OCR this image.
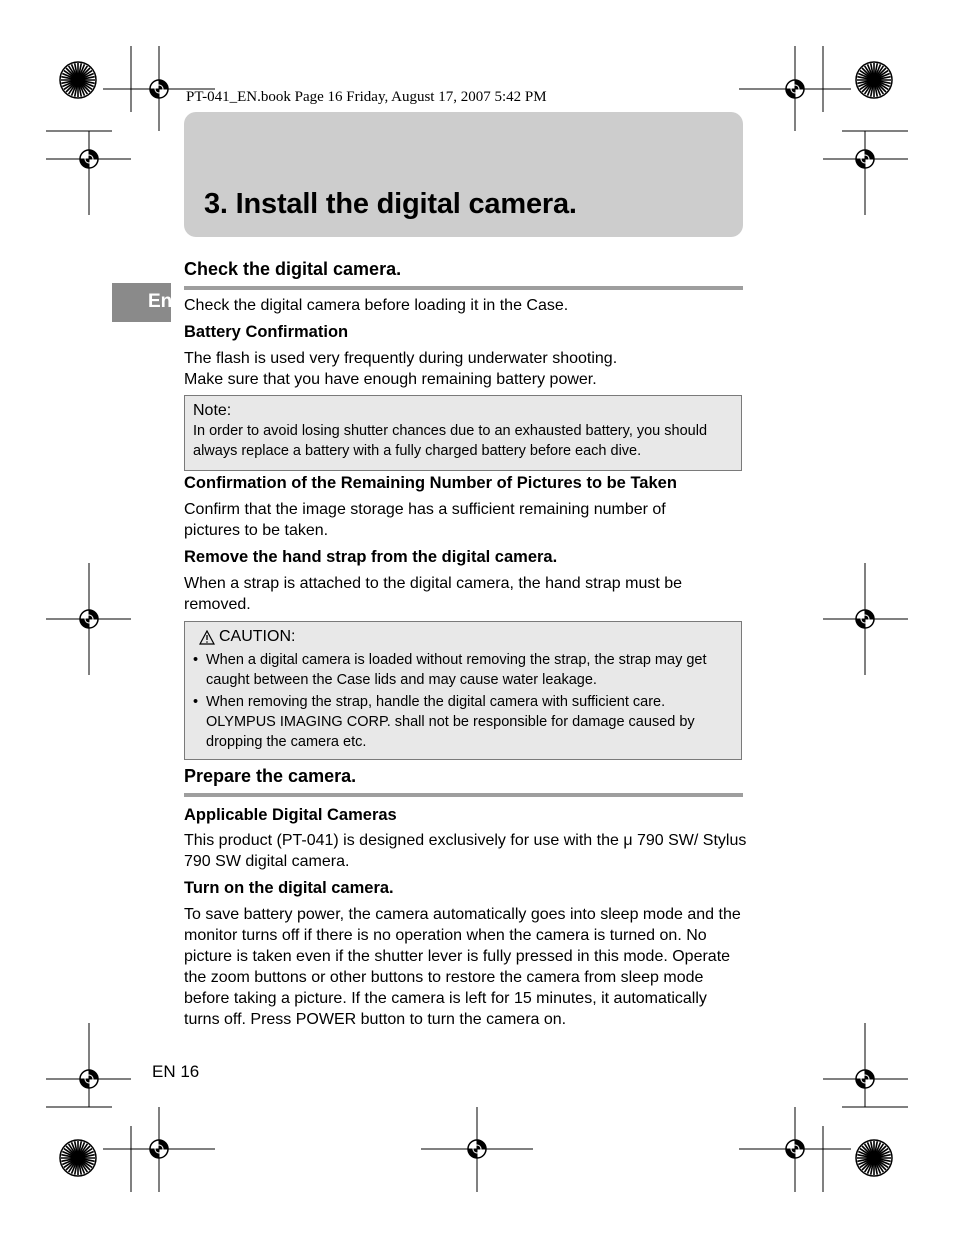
PT-041_EN.book Page 16 Friday, August 17, 2007 5:42 PM
3. Install the digital camera.
En
Check the digital camera.
Check the digital camera before loading it in the Case.
Battery Confirmation
The flash is used very frequently during underwater shooting.
Make sure that you have enough remaining battery power.
Note:
In order to avoid losing shutter chances due to an exhausted battery, you should always replace a battery with a fully charged battery before each dive.
Confirmation of the Remaining Number of Pictures to be Taken
Confirm that the image storage has a sufficient remaining number of pictures to be taken.
Remove the hand strap from the digital camera.
When a strap is attached to the digital camera, the hand strap must be removed.
CAUTION:
• When a digital camera is loaded without removing the strap, the strap may get caught between the Case lids and may cause water leakage.
• When removing the strap, handle the digital camera with sufficient care. OLYMPUS IMAGING CORP. shall not be responsible for damage caused by dropping the camera etc.
Prepare the camera.
Applicable Digital Cameras
This product (PT-041) is designed exclusively for use with the μ 790 SW/ Stylus 790 SW digital camera.
Turn on the digital camera.
To save battery power, the camera automatically goes into sleep mode and the monitor turns off if there is no operation when the camera is turned on. No picture is taken even if the shutter lever is fully pressed in this mode. Operate the zoom buttons or other buttons to restore the camera from sleep mode before taking a picture. If the camera is left for 15 minutes, it automatically turns off. Press POWER button to turn the camera on.
EN 16
